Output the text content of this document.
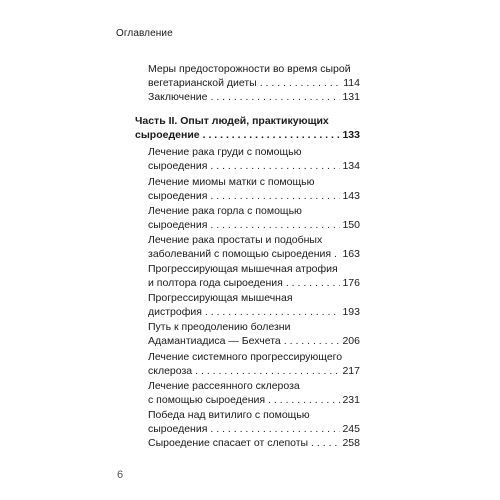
Оглавление
Меры предосторожности во время сырой
вегетарианской диеты . . .	114
Заключение . . .	131
Часть II. Опыт людей, практикующих
сыроедение . . .	133
Лечение рака груди с помощью
сыроедения . . .	134
Лечение миомы матки с помощью
сыроедения . . .	143
Лечение рака горла с помощью
сыроедения . . .	150
Лечение рака простаты и подобных
заболеваний с помощью сыроедения . . . 163
Прогрессирующая мышечная атрофия
и полтора года сыроедения . . .	176
Прогрессирующая мышечная
дистрофия . . .	193
Путь к преодолению болезни
Адамантиадиса — Бехчета . . .	206
Лечение системного прогрессирующего
склероза . . .	217
Лечение рассеянного склероза
с помощью сыроедения . . .	231
Победа над витилиго с помощью
сыроедения . . .	245
Сыроедение спасает от слепоты . . .	258
6
